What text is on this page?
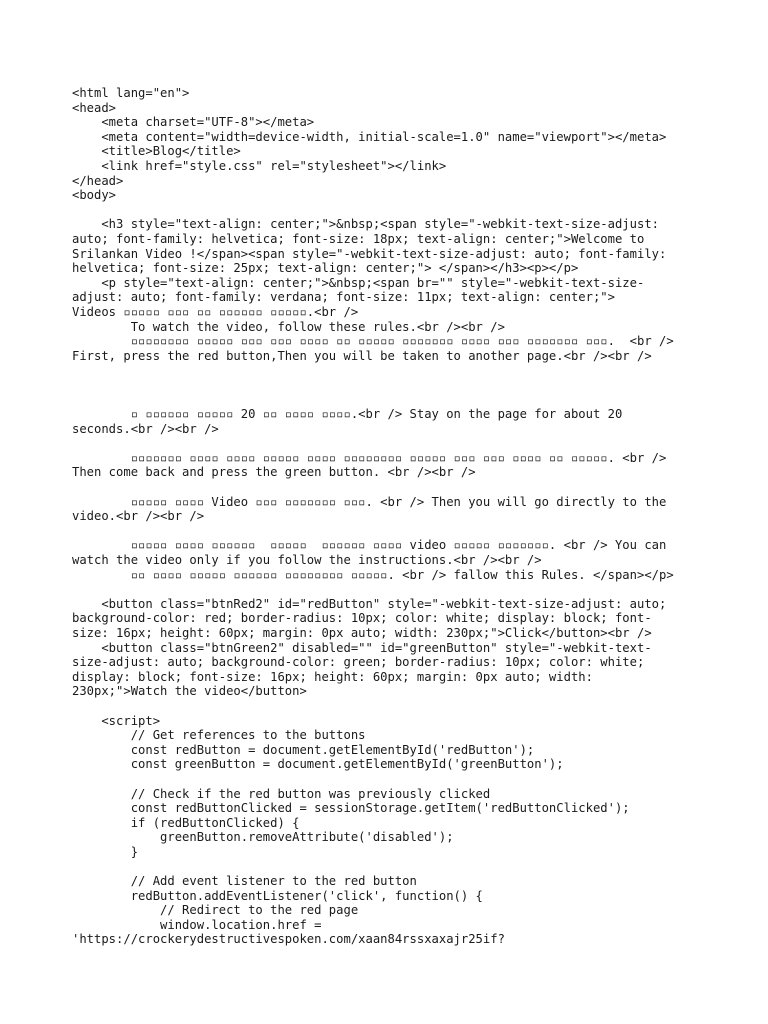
<html lang="en">
<head>
<meta charset="UTF-8"></meta>
<meta content="width=device-width, initial-scale=1.0" name="viewport"></meta>
<title>Blog</title>
<link href="style.css" rel="stylesheet"></link>
</head>
<body>
<h3 style="text-align: center;">&nbsp;<span style="-webkit-text-size-adjust:
auto; font-family: helvetica; font-size: 18px; text-align: center;">Welcome to
Srilankan Video !</span><span style="-webkit-text-size-adjust: auto; font-family:
helvetica; font-size: 25px; text-align: center;"> </span></h3><p></p>
<p style="text-align: center;">&nbsp;<span br="" style="-webkit-text-size-
adjust: auto; font-family: verdana; font-size: 11px; text-align: center;">
Videos ▫▫▫▫▫ ▫▫▫ ▫▫ ▫▫▫▫▫▫ ▫▫▫▫▫.<br />
To watch the video, follow these rules.<br /><br />
▫▫▫▫▫▫▫▫ ▫▫▫▫▫ ▫▫▫ ▫▫▫ ▫▫▫▫ ▫▫ ▫▫▫▫▫ ▫▫▫▫▫▫▫ ▫▫▫▫ ▫▫▫ ▫▫▫▫▫▫▫ ▫▫▫.  <br />
First, press the red button,Then you will be taken to another page.<br /><br />
▫ ▫▫▫▫▫▫ ▫▫▫▫▫ 20 ▫▫ ▫▫▫▫ ▫▫▫▫.<br /> Stay on the page for about 20
seconds.<br /><br />
▫▫▫▫▫▫▫ ▫▫▫▫ ▫▫▫▫ ▫▫▫▫▫ ▫▫▫▫ ▫▫▫▫▫▫▫▫ ▫▫▫▫▫ ▫▫▫ ▫▫▫ ▫▫▫▫ ▫▫ ▫▫▫▫▫. <br />
Then come back and press the green button. <br /><br />
▫▫▫▫▫ ▫▫▫▫ Video ▫▫▫ ▫▫▫▫▫▫▫ ▫▫▫. <br /> Then you will go directly to the
video.<br /><br />
▫▫▫▫▫ ▫▫▫▫ ▫▫▫▫▫▫  ▫▫▫▫▫  ▫▫▫▫▫▫ ▫▫▫▫ video ▫▫▫▫▫ ▫▫▫▫▫▫▫. <br /> You can
watch the video only if you follow the instructions.<br /><br />
▫▫ ▫▫▫▫ ▫▫▫▫▫ ▫▫▫▫▫▫ ▫▫▫▫▫▫▫▫ ▫▫▫▫▫. <br /> fallow this Rules. </span></p>
<button class="btnRed2" id="redButton" style="-webkit-text-size-adjust: auto;
background-color: red; border-radius: 10px; color: white; display: block; font-
size: 16px; height: 60px; margin: 0px auto; width: 230px;">Click</button><br />
<button class="btnGreen2" disabled="" id="greenButton" style="-webkit-text-
size-adjust: auto; background-color: green; border-radius: 10px; color: white;
display: block; font-size: 16px; height: 60px; margin: 0px auto; width:
230px;">Watch the video</button>
<script>
// Get references to the buttons
const redButton = document.getElementById('redButton');
const greenButton = document.getElementById('greenButton');
// Check if the red button was previously clicked
const redButtonClicked = sessionStorage.getItem('redButtonClicked');
if (redButtonClicked) {
greenButton.removeAttribute('disabled');
}
// Add event listener to the red button
redButton.addEventListener('click', function() {
// Redirect to the red page
window.location.href =
'https://crockerydestructivespoken.com/xaan84rssxaxajr25if?
